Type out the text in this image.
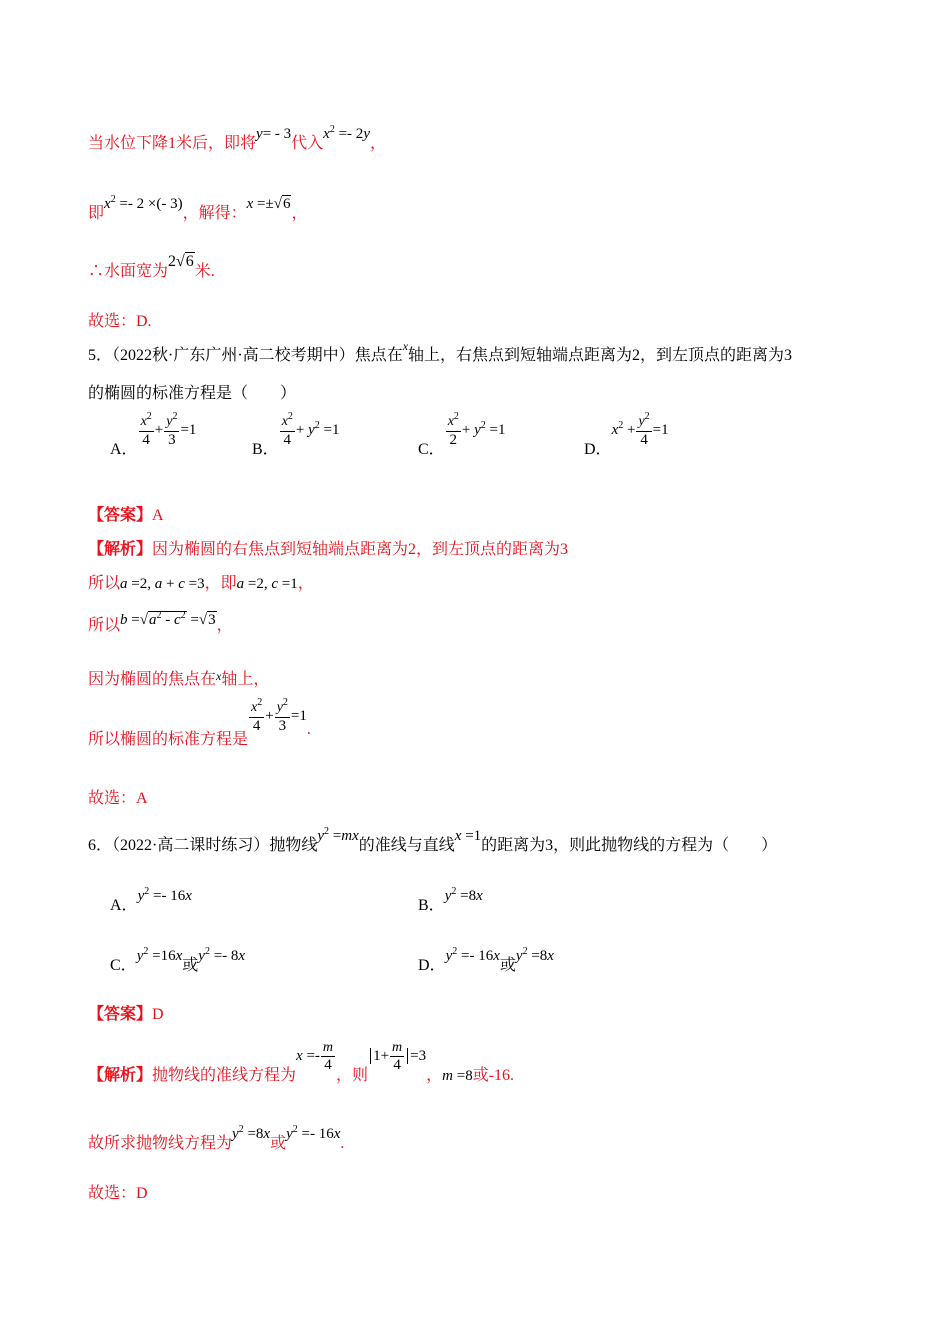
当水位下降1米后，即将y= - 3代入$x^2 =- 2y$，
即$x^2 =- 2$ ×(- 3)，解得：x =±√6，
∴水面宽为2√6米.
故选：D.
5．（2022秋·广东广州·高二校考期中）焦点在$^x$轴上，右焦点到短轴端点距离为2，到左顶点的距离为3
的椭圆的标准方程是（　　）
A．
$\frac{x^2}{4} + \frac{y^2}{3} =1$
B．
$\frac{x^2}{4} + y^2 =1$
C．
$\frac{x^2}{2} + y^2 =1$
D．$x^2 + \frac{y^2}{4} =1$
【答案】A
【解析】因为椭圆的右焦点到短轴端点距离为2，到左顶点的距离为3
所以a =2, a + c =3，即a =2, c =1，
所以$b =√a^2 - c^2 =√3$，
因为椭圆的焦点在$^x$轴上，
所以椭圆的标准方程是
$\frac{x^2}{4} + \frac{y^2}{3} =1$.
故选：A
6．（2022·高二课时练习）抛物线$y^2 =mx$的准线与直线x =1的距离为3，则此抛物线的方程为（　　）
A．$y^2 =- 16x$
B．$y^2 =8x$
C．$y^2 =16x$或$y^2 =- 8x$
D．$y^2 =- 16x$或$y^2 =8x$
【答案】D
【解析】抛物线的准线方程为$x =- \frac{m}{4}$
，则$1+ \frac{m}{4} =3$，m =8或-16.
故所求抛物线方程为$y^2 =8x$或$y^2 =- 16x$.
故选：D
